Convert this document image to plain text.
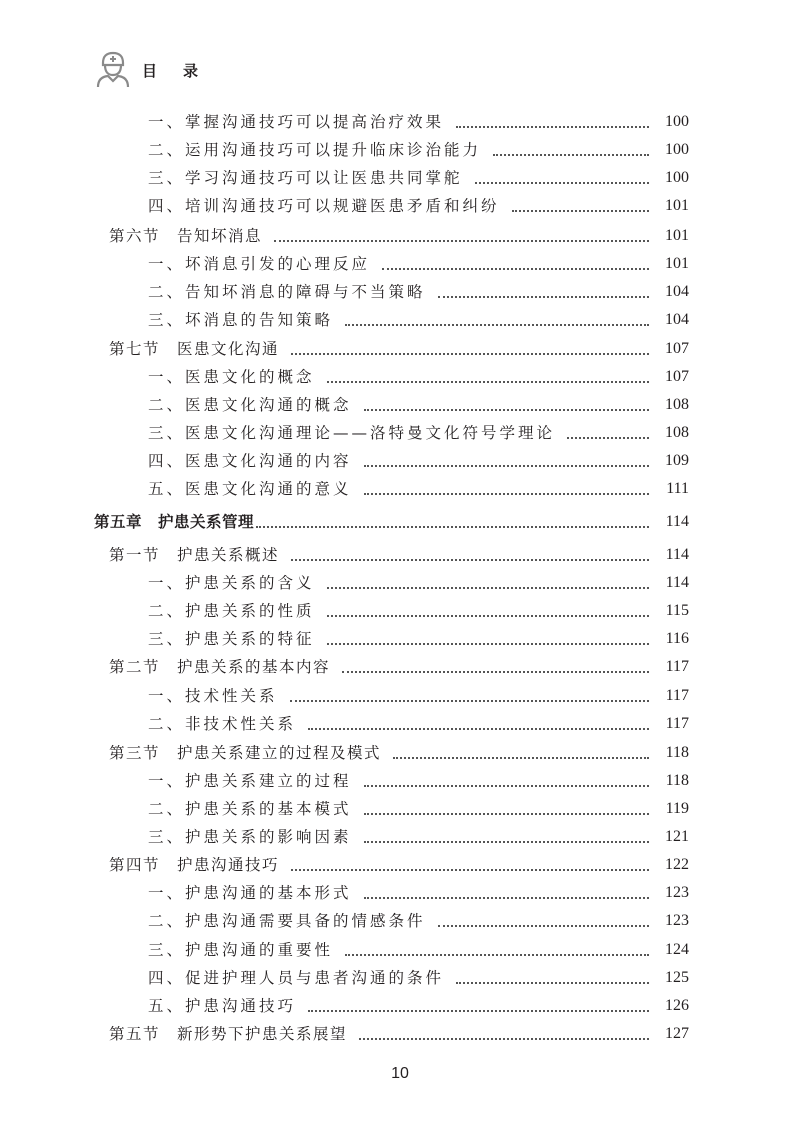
目录
一、掌握沟通技巧可以提高治疗效果	100
二、运用沟通技巧可以提升临床诊治能力	100
三、学习沟通技巧可以让医患共同掌舵	100
四、培训沟通技巧可以规避医患矛盾和纠纷	101
第六节　告知坏消息	101
一、坏消息引发的心理反应	101
二、告知坏消息的障碍与不当策略	104
三、坏消息的告知策略	104
第七节　医患文化沟通	107
一、医患文化的概念	107
二、医患文化沟通的概念	108
三、医患文化沟通理论——洛特曼文化符号学理论	108
四、医患文化沟通的内容	109
五、医患文化沟通的意义	111
第五章　护患关系管理	114
第一节　护患关系概述	114
一、护患关系的含义	114
二、护患关系的性质	115
三、护患关系的特征	116
第二节　护患关系的基本内容	117
一、技术性关系	117
二、非技术性关系	117
第三节　护患关系建立的过程及模式	118
一、护患关系建立的过程	118
二、护患关系的基本模式	119
三、护患关系的影响因素	121
第四节　护患沟通技巧	122
一、护患沟通的基本形式	123
二、护患沟通需要具备的情感条件	123
三、护患沟通的重要性	124
四、促进护理人员与患者沟通的条件	125
五、护患沟通技巧	126
第五节　新形势下护患关系展望	127
10
